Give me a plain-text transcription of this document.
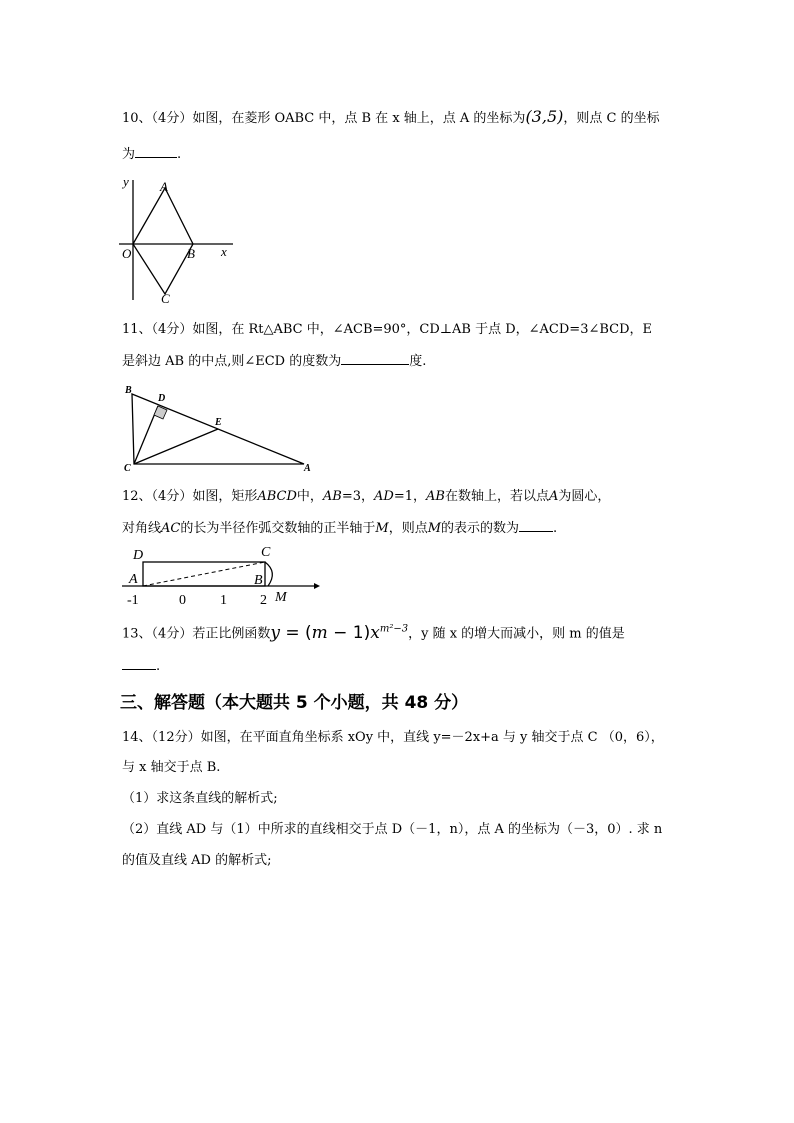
10、（4分）如图，在菱形 OABC 中，点 B 在 x 轴上，点 A 的坐标为(3,5)，则点 C 的坐标
为	.
y
x
O
A
B
C
11、（4分）如图，在 Rt△ABC 中，∠ACB=90°，CD⊥AB 于点 D，∠ACD=3∠BCD，E
是斜边 AB 的中点,则∠ECD 的度数为	度.
B
D
E
C	A
12、（4分）如图，矩形ABCD中，AB=3，AD=1，AB在数轴上，若以点A为圆心，
对角线AC的长为半径作弧交数轴的正半轴于M，则点M的表示的数为	.
D	C
A	B
M
-1	0 1 2
13、（4分）若正比例函数$y = (m - 1)x^{m^2-3}$，y 随 x 的增大而减小，则 m 的值是
.
三、解答题（本大题共 5 个小题，共 48 分）
14、（12分）如图，在平面直角坐标系 xOy 中，直线 y=－2x+a 与 y 轴交于点 C （0，6），
与 x 轴交于点 B.
（1）求这条直线的解析式;
（2）直线 AD 与（1）中所求的直线相交于点 D（－1，n），点 A 的坐标为（－3，0）. 求 n
的值及直线 AD 的解析式;
